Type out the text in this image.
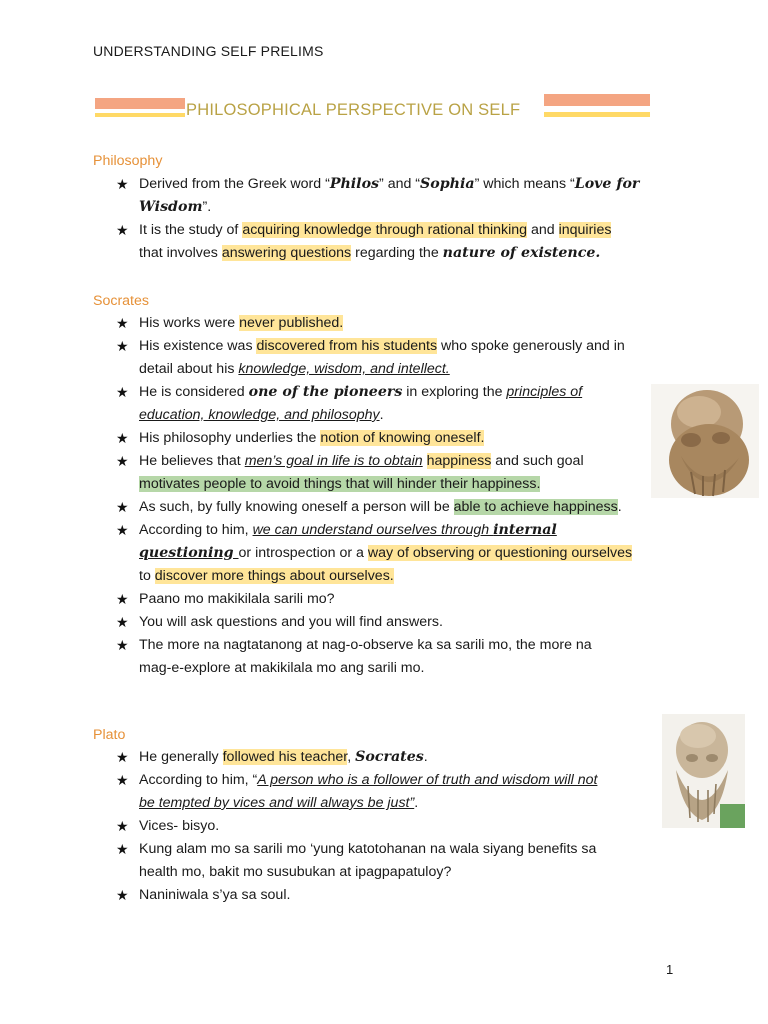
UNDERSTANDING SELF PRELIMS
PHILOSOPHICAL PERSPECTIVE ON SELF
Philosophy
★ Derived from the Greek word “Philos” and “Sophia” which means “Love for
Wisdom”.
★ It is the study of acquiring knowledge through rational thinking and inquiries
that involves answering questions regarding the nature of existence.
Socrates
★ His works were never published.
★ His existence was discovered from his students who spoke generously and in
detail about his knowledge, wisdom, and intellect.
★ He is considered one of the pioneers in exploring the principles of
education, knowledge, and philosophy.
★ His philosophy underlies the notion of knowing oneself.
★ He believes that men’s goal in life is to obtain happiness and such goal
motivates people to avoid things that will hinder their happiness.
★ As such, by fully knowing oneself a person will be able to achieve happiness.
★ According to him, we can understand ourselves through internal
questioning or introspection or a way of observing or questioning ourselves
to discover more things about ourselves.
★ Paano mo makikilala sarili mo?
★ You will ask questions and you will find answers.
★ The more na nagtatanong at nag-o-observe ka sa sarili mo, the more na
mag-e-explore at makikilala mo ang sarili mo.
Plato
★ He generally followed his teacher, Socrates.
★ According to him, “A person who is a follower of truth and wisdom will not
be tempted by vices and will always be just”.
★ Vices- bisyo.
★ Kung alam mo sa sarili mo ‘yung katotohanan na wala siyang benefits sa
health mo, bakit mo susubukan at ipagpapatuloy?
★ Naniniwala s’ya sa soul.
1
